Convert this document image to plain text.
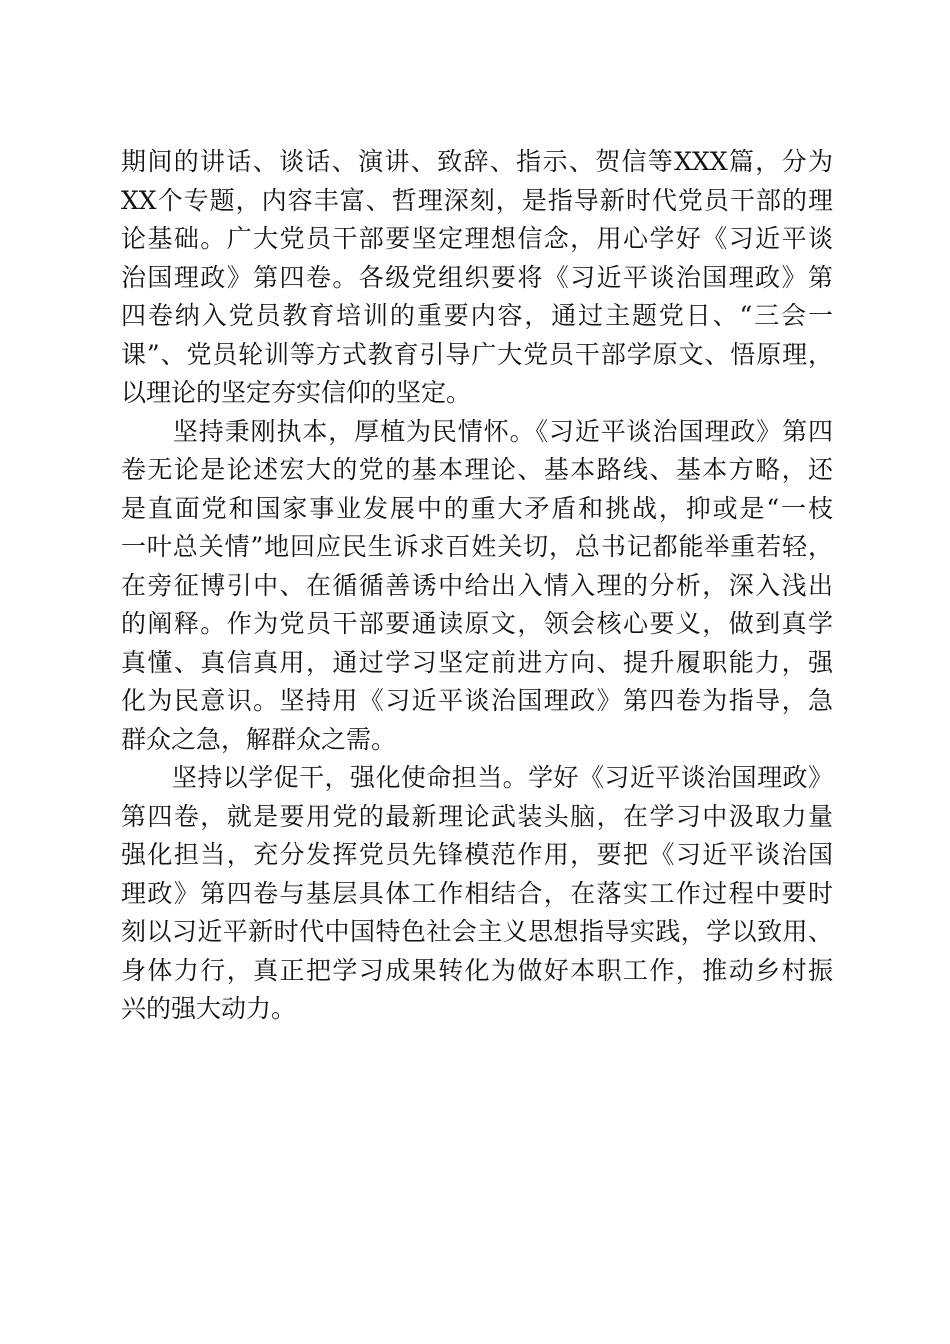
期间的讲话、谈话、演讲、致辞、指示、贺信等XXX篇，分为
XX个专题，内容丰富、哲理深刻，是指导新时代党员干部的理
论基础。广大党员干部要坚定理想信念，用心学好《习近平谈
治国理政》第四卷。各级党组织要将《习近平谈治国理政》第
四卷纳入党员教育培训的重要内容，通过主题党日、“三会一
课”、党员轮训等方式教育引导广大党员干部学原文、悟原理，
以理论的坚定夯实信仰的坚定。
　　坚持秉刚执本，厚植为民情怀。《习近平谈治国理政》第四
卷无论是论述宏大的党的基本理论、基本路线、基本方略，还
是直面党和国家事业发展中的重大矛盾和挑战，抑或是“一枝
一叶总关情”地回应民生诉求百姓关切，总书记都能举重若轻，
在旁征博引中、在循循善诱中给出入情入理的分析，深入浅出
的阐释。作为党员干部要通读原文，领会核心要义，做到真学
真懂、真信真用，通过学习坚定前进方向、提升履职能力，强
化为民意识。坚持用《习近平谈治国理政》第四卷为指导，急
群众之急，解群众之需。
　　坚持以学促干，强化使命担当。学好《习近平谈治国理政》
第四卷，就是要用党的最新理论武装头脑，在学习中汲取力量
强化担当，充分发挥党员先锋模范作用，要把《习近平谈治国
理政》第四卷与基层具体工作相结合，在落实工作过程中要时
刻以习近平新时代中国特色社会主义思想指导实践，学以致用、
身体力行，真正把学习成果转化为做好本职工作，推动乡村振
兴的强大动力。
